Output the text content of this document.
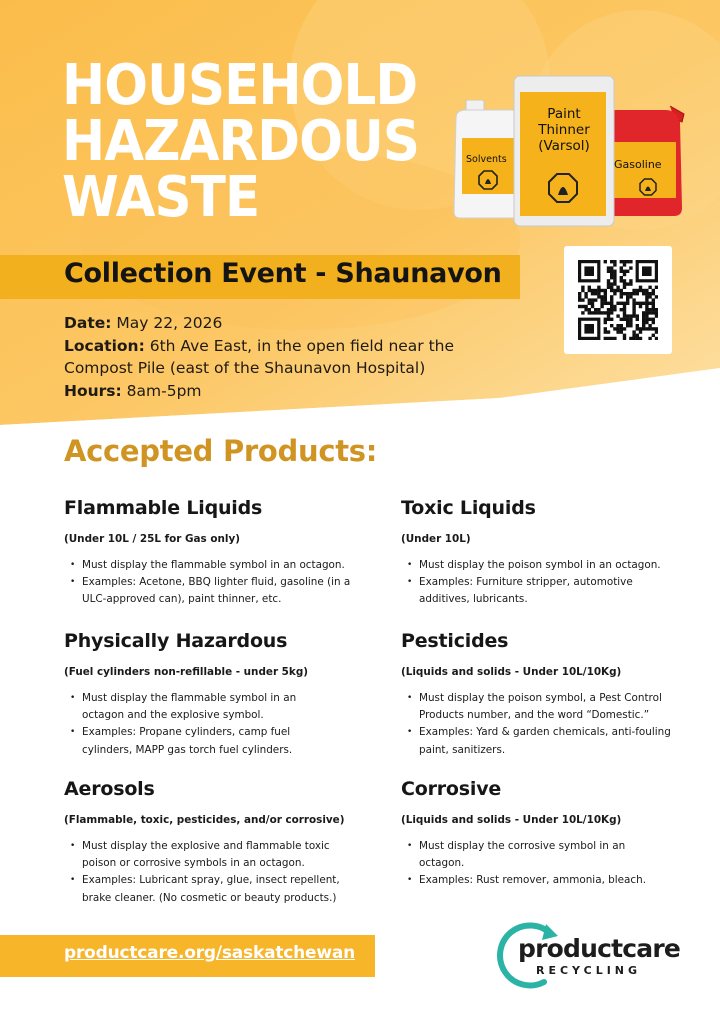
HOUSEHOLD
HAZARDOUS
WASTE
Solvents	Gasoline
Paint
Thinner
(Varsol)
Collection Event - Shaunavon
Date: May 22, 2026
Location: 6th Ave East, in the open field near the
Compost Pile (east of the Shaunavon Hospital)
Hours: 8am-5pm
Accepted Products:
Flammable Liquids
(Under 10L / 25L for Gas only)
• Must display the flammable symbol in an octagon.
• Examples: Acetone, BBQ lighter fluid, gasoline (in a ULC-approved can), paint thinner, etc.
Toxic Liquids
(Under 10L)
• Must display the poison symbol in an octagon.
• Examples: Furniture stripper, automotive additives, lubricants.
Physically Hazardous
(Fuel cylinders non-refillable - under 5kg)
• Must display the flammable symbol in an octagon and the explosive symbol.
• Examples: Propane cylinders, camp fuel cylinders, MAPP gas torch fuel cylinders.
Pesticides
(Liquids and solids - Under 10L/10Kg)
• Must display the poison symbol, a Pest Control Products number, and the word “Domestic.”
• Examples: Yard & garden chemicals, anti-fouling paint, sanitizers.
Aerosols
(Flammable, toxic, pesticides, and/or corrosive)
• Must display the explosive and flammable toxic poison or corrosive symbols in an octagon.
• Examples: Lubricant spray, glue, insect repellent, brake cleaner. (No cosmetic or beauty products.)
Corrosive
(Liquids and solids - Under 10L/10Kg)
• Must display the corrosive symbol in an octagon.
• Examples: Rust remover, ammonia, bleach.
productcare.org/saskatchewan	productcare
RECYCLING
